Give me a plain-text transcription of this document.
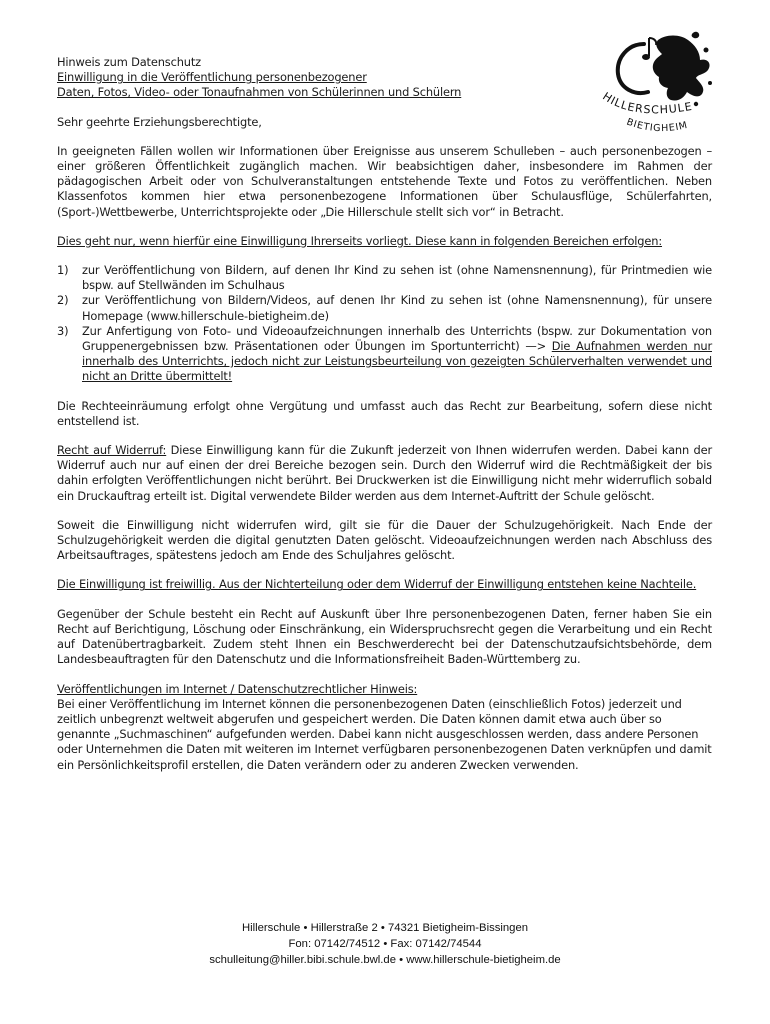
HILLERSCHULE
BIETIGHEIM
Hinweis zum Datenschutz
Einwilligung in die Veröffentlichung personenbezogener
Daten, Fotos, Video- oder Tonaufnahmen von Schülerinnen und Schülern
Sehr geehrte Erziehungsberechtigte,
In geeigneten Fällen wollen wir Informationen über Ereignisse aus unserem Schulleben – auch personenbezogen – einer größeren Öffentlichkeit zugänglich machen. Wir beabsichtigen daher, insbesondere im Rahmen der pädagogischen Arbeit oder von Schulveranstaltungen entstehende Texte und Fotos zu veröffentlichen. Neben Klassenfotos kommen hier etwa personenbezogene Informationen über Schulausflüge, Schülerfahrten, (Sport-)Wettbewerbe, Unterrichtsprojekte oder „Die Hillerschule stellt sich vor“ in Betracht.
Dies geht nur, wenn hierfür eine Einwilligung Ihrerseits vorliegt. Diese kann in folgenden Bereichen erfolgen:
1) zur Veröffentlichung von Bildern, auf denen Ihr Kind zu sehen ist (ohne Namensnennung), für Printmedien wie bspw. auf Stellwänden im Schulhaus
2) zur Veröffentlichung von Bildern/Videos, auf denen Ihr Kind zu sehen ist (ohne Namensnennung), für unsere Homepage (www.hillerschule-bietigheim.de)
3) Zur Anfertigung von Foto- und Videoaufzeichnungen innerhalb des Unterrichts (bspw. zur Dokumentation von Gruppenergebnissen bzw. Präsentationen oder Übungen im Sportunterricht) —> Die Aufnahmen werden nur innerhalb des Unterrichts, jedoch nicht zur Leistungsbeurteilung von gezeigten Schülerverhalten verwendet und nicht an Dritte übermittelt!
Die Rechteeinräumung erfolgt ohne Vergütung und umfasst auch das Recht zur Bearbeitung, sofern diese nicht entstellend ist.
Recht auf Widerruf: Diese Einwilligung kann für die Zukunft jederzeit von Ihnen widerrufen werden. Dabei kann der Widerruf auch nur auf einen der drei Bereiche bezogen sein. Durch den Widerruf wird die Rechtmäßigkeit der bis dahin erfolgten Veröffentlichungen nicht berührt. Bei Druckwerken ist die Einwilligung nicht mehr widerruflich sobald ein Druckauftrag erteilt ist. Digital verwendete Bilder werden aus dem Internet-Auftritt der Schule gelöscht.
Soweit die Einwilligung nicht widerrufen wird, gilt sie für die Dauer der Schulzugehörigkeit. Nach Ende der Schulzugehörigkeit werden die digital genutzten Daten gelöscht. Videoaufzeichnungen werden nach Abschluss des Arbeitsauftrages, spätestens jedoch am Ende des Schuljahres gelöscht.
Die Einwilligung ist freiwillig. Aus der Nichterteilung oder dem Widerruf der Einwilligung entstehen keine Nachteile.
Gegenüber der Schule besteht ein Recht auf Auskunft über Ihre personenbezogenen Daten, ferner haben Sie ein Recht auf Berichtigung, Löschung oder Einschränkung, ein Widerspruchsrecht gegen die Verarbeitung und ein Recht auf Datenübertragbarkeit. Zudem steht Ihnen ein Beschwerderecht bei der Datenschutzaufsichtsbehörde, dem Landesbeauftragten für den Datenschutz und die Informationsfreiheit Baden-Württemberg zu.
Veröffentlichungen im Internet / Datenschutzrechtlicher Hinweis:
Bei einer Veröffentlichung im Internet können die personenbezogenen Daten (einschließlich Fotos) jederzeit und zeitlich unbegrenzt weltweit abgerufen und gespeichert werden. Die Daten können damit etwa auch über so genannte „Suchmaschinen“ aufgefunden werden. Dabei kann nicht ausgeschlossen werden, dass andere Personen oder Unternehmen die Daten mit weiteren im Internet verfügbaren personenbezogenen Daten verknüpfen und damit ein Persönlichkeitsprofil erstellen, die Daten verändern oder zu anderen Zwecken verwenden.
Hillerschule • Hillerstraße 2 • 74321 Bietigheim-Bissingen
Fon: 07142/74512 • Fax: 07142/74544
schulleitung@hiller.bibi.schule.bwl.de • www.hillerschule-bietigheim.de
